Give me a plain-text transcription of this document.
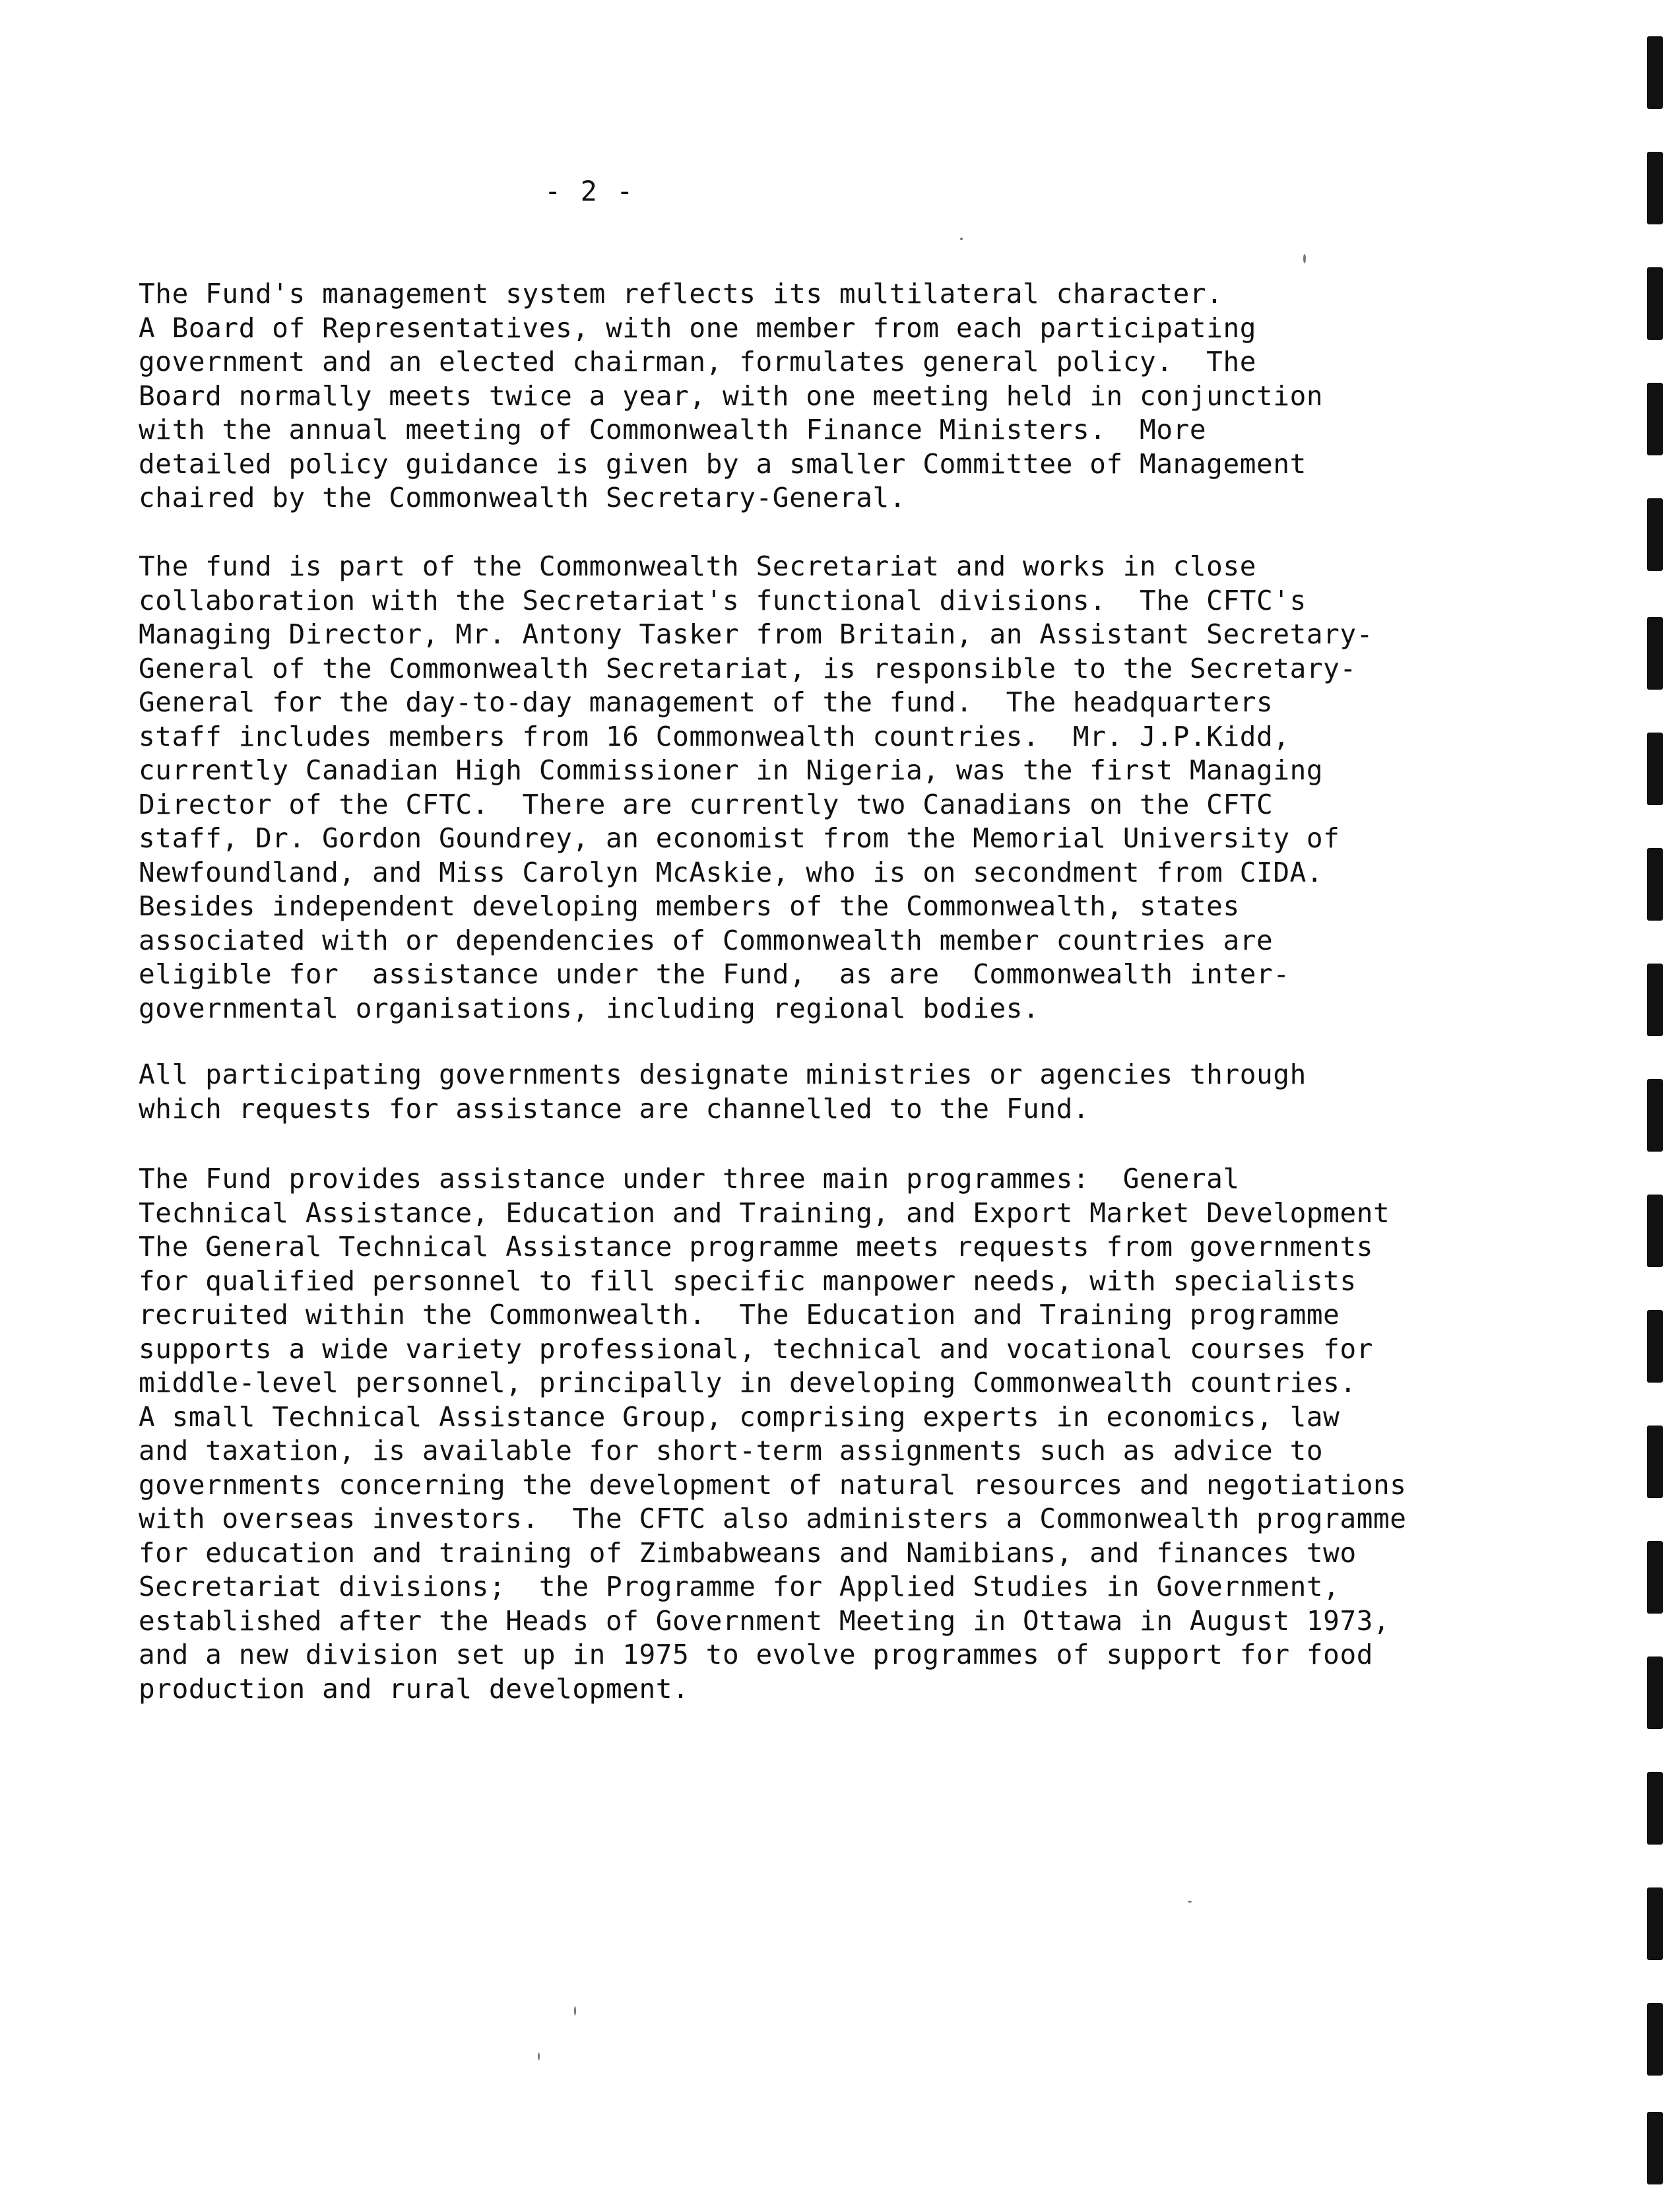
- 2 -
The Fund's management system reflects its multilateral character.
A Board of Representatives, with one member from each participating
government and an elected chairman, formulates general policy.  The
Board normally meets twice a year, with one meeting held in conjunction
with the annual meeting of Commonwealth Finance Ministers.  More
detailed policy guidance is given by a smaller Committee of Management
chaired by the Commonwealth Secretary-General.
The fund is part of the Commonwealth Secretariat and works in close
collaboration with the Secretariat's functional divisions.  The CFTC's
Managing Director, Mr. Antony Tasker from Britain, an Assistant Secretary-
General of the Commonwealth Secretariat, is responsible to the Secretary-
General for the day-to-day management of the fund.  The headquarters
staff includes members from 16 Commonwealth countries.  Mr. J.P.Kidd,
currently Canadian High Commissioner in Nigeria, was the first Managing
Director of the CFTC.  There are currently two Canadians on the CFTC
staff, Dr. Gordon Goundrey, an economist from the Memorial University of
Newfoundland, and Miss Carolyn McAskie, who is on secondment from CIDA.
Besides independent developing members of the Commonwealth, states
associated with or dependencies of Commonwealth member countries are
eligible for  assistance under the Fund,  as are  Commonwealth inter-
governmental organisations, including regional bodies.
All participating governments designate ministries or agencies through
which requests for assistance are channelled to the Fund.
The Fund provides assistance under three main programmes:  General
Technical Assistance, Education and Training, and Export Market Development
The General Technical Assistance programme meets requests from governments
for qualified personnel to fill specific manpower needs, with specialists
recruited within the Commonwealth.  The Education and Training programme
supports a wide variety professional, technical and vocational courses for
middle-level personnel, principally in developing Commonwealth countries.
A small Technical Assistance Group, comprising experts in economics, law
and taxation, is available for short-term assignments such as advice to
governments concerning the development of natural resources and negotiations
with overseas investors.  The CFTC also administers a Commonwealth programme
for education and training of Zimbabweans and Namibians, and finances two
Secretariat divisions;  the Programme for Applied Studies in Government,
established after the Heads of Government Meeting in Ottawa in August 1973,
and a new division set up in 1975 to evolve programmes of support for food
production and rural development.
